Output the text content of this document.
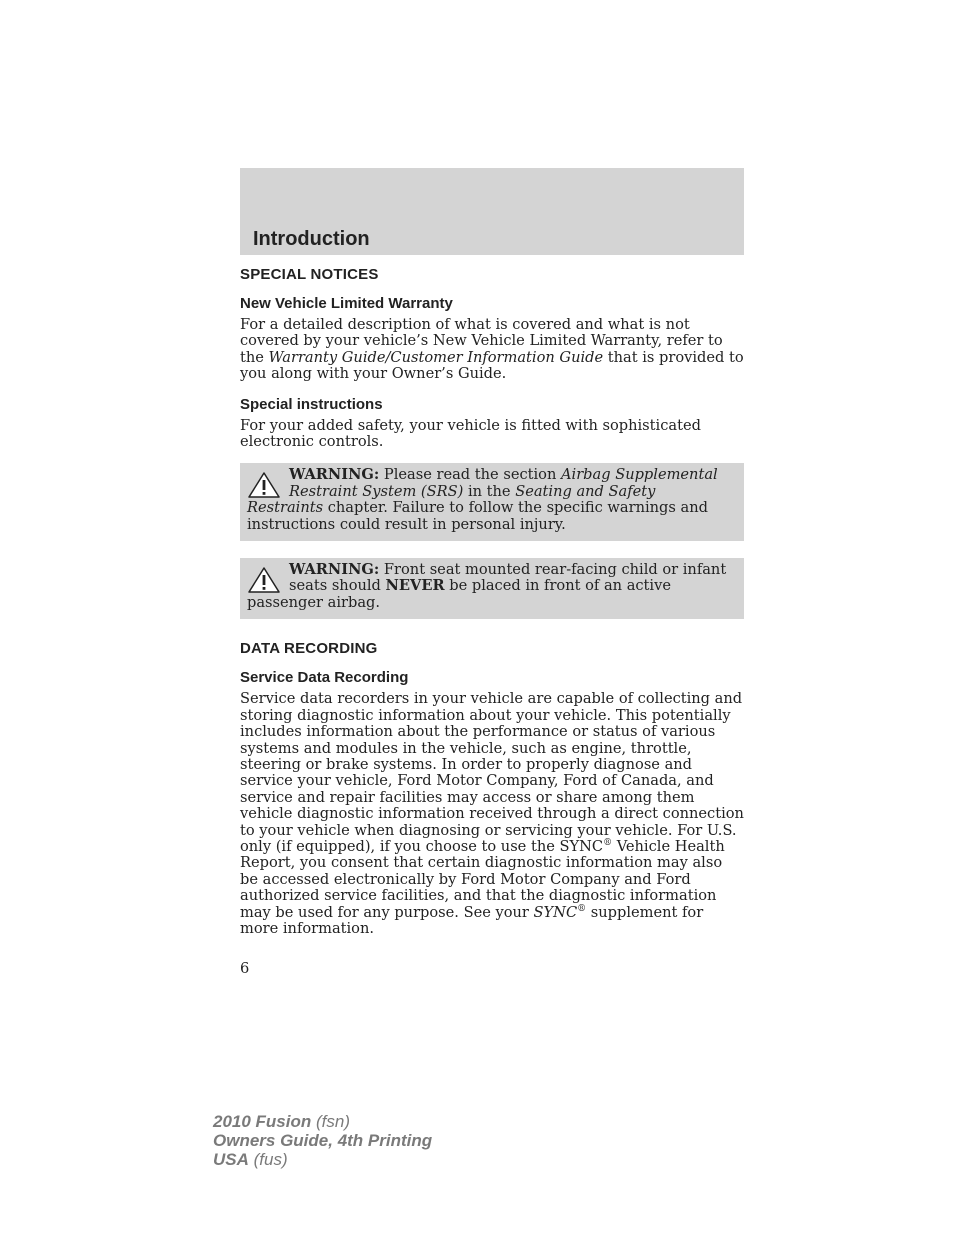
Introduction
SPECIAL NOTICES
New Vehicle Limited Warranty

For a detailed description of what is covered and what is not covered by your vehicle’s New Vehicle Limited Warranty, refer to the Warranty Guide/Customer Information Guide that is provided to you along with your Owner’s Guide.

Special instructions

For your added safety, your vehicle is fitted with sophisticated electronic controls.

WARNING: Please read the section Airbag Supplemental Restraint System (SRS) in the Seating and Safety Restraints chapter. Failure to follow the specific warnings and instructions could result in personal injury.
WARNING: Front seat mounted rear-facing child or infant seats should NEVER be placed in front of an active passenger airbag.
DATA RECORDING
Service Data Recording

Service data recorders in your vehicle are capable of collecting and storing diagnostic information about your vehicle. This potentially includes information about the performance or status of various systems and modules in the vehicle, such as engine, throttle, steering or brake systems. In order to properly diagnose and service your vehicle, Ford Motor Company, Ford of Canada, and service and repair facilities may access or share among them vehicle diagnostic information received through a direct connection to your vehicle when diagnosing or servicing your vehicle. For U.S. only (if equipped), if you choose to use the SYNC® Vehicle Health Report, you consent that certain diagnostic information may also be accessed electronically by Ford Motor Company and Ford authorized service facilities, and that the diagnostic information may be used for any purpose. See your SYNC® supplement for more information.

6
2010 Fusion (fsn)
Owners Guide, 4th Printing
USA (fus)
